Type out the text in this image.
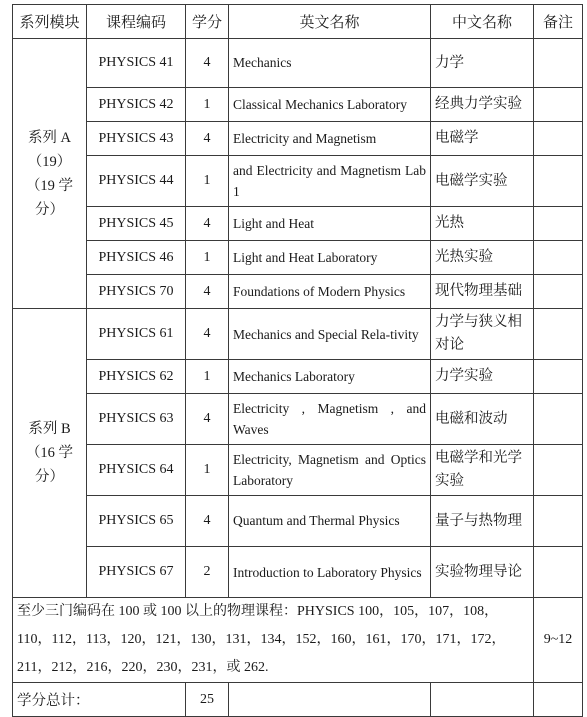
系列模块	课程编码	学分	英文名称	中文名称	备注

系列 A
（19）
（19 学分）	PHYSICS 41	4	Mechanics	力学	
	PHYSICS 42	1	Classical Mechanics Laboratory	经典力学实验	
	PHYSICS 43	4	Electricity and Magnetism	电磁学	
	PHYSICS 44	1	and Electricity and Magnetism Lab 1	电磁学实验	
	PHYSICS 45	4	Light and Heat	光热	
	PHYSICS 46	1	Light and Heat Laboratory	光热实验	
	PHYSICS 70	4	Foundations of Modern Physics	现代物理基础	

系列 B
（16 学分）	PHYSICS 61	4	Mechanics and Special Rela-tivity	力学与狭义相对论	
	PHYSICS 62	1	Mechanics Laboratory	力学实验	
	PHYSICS 63	4	Electricity , Magnetism , and Waves	电磁和波动	
	PHYSICS 64	1	Electricity, Magnetism and Optics Laboratory	电磁学和光学实验	
	PHYSICS 65	4	Quantum and Thermal Physics	量子与热物理	
	PHYSICS 67	2	Introduction to Laboratory Physics	实验物理导论	
至少三门编码在 100 或 100 以上的物理课程：PHYSICS 100，105，107，108，110，112，113，120，121，130，131，134，152，160，161，170，171，172，211，212，216，220，230，231，或 262.					9~12
学分总计：		25			
